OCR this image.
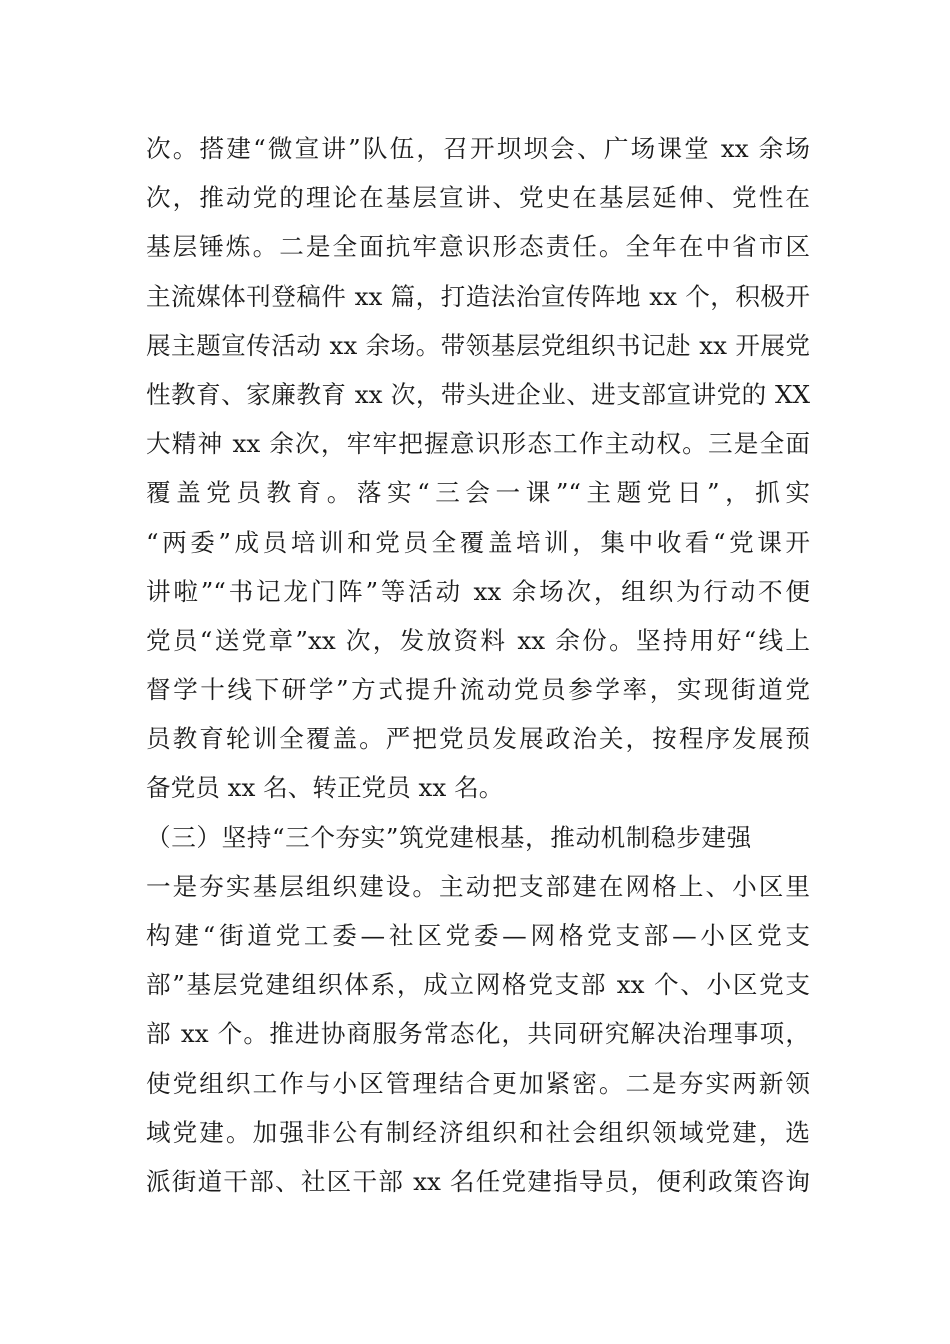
次。搭建“微宣讲”队伍，召开坝坝会、广场课堂 xx 余场
次，推动党的理论在基层宣讲、党史在基层延伸、党性在
基层锤炼。二是全面抗牢意识形态责任。全年在中省市区
主流媒体刊登稿件 xx 篇，打造法治宣传阵地 xx 个，积极开
展主题宣传活动 xx 余场。带领基层党组织书记赴 xx 开展党
性教育、家廉教育 xx 次，带头进企业、进支部宣讲党的 XX
大精神 xx 余次，牢牢把握意识形态工作主动权。三是全面
覆盖党员教育。落实“三会一课”“主题党日”，抓实
“两委”成员培训和党员全覆盖培训，集中收看“党课开
讲啦”“书记龙门阵”等活动 xx 余场次，组织为行动不便
党员“送党章”xx 次，发放资料 xx 余份。坚持用好“线上
督学十线下研学”方式提升流动党员参学率，实现街道党
员教育轮训全覆盖。严把党员发展政治关，按程序发展预
备党员 xx 名、转正党员 xx 名。
（三）坚持“三个夯实”筑党建根基，推动机制稳步建强
一是夯实基层组织建设。主动把支部建在网格上、小区里
构建“街道党工委—社区党委—网格党支部—小区党支
部”基层党建组织体系，成立网格党支部 xx 个、小区党支
部 xx 个。推进协商服务常态化，共同研究解决治理事项，
使党组织工作与小区管理结合更加紧密。二是夯实两新领
域党建。加强非公有制经济组织和社会组织领域党建，选
派街道干部、社区干部 xx 名任党建指导员，便利政策咨询
